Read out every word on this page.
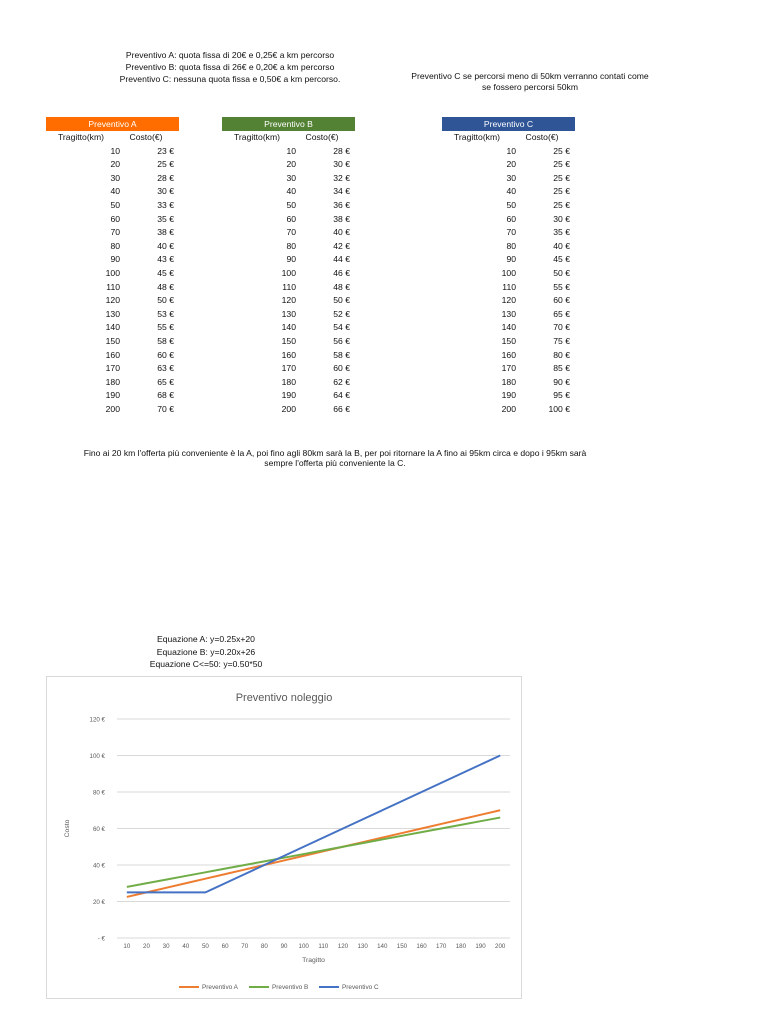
Preventivo A: quota fissa di 20€ e 0,25€ a km percorso
Preventivo B: quota fissa di 26€ e 0,20€ a km percorso
Preventivo C: nessuna quota fissa e 0,50€ a km percorso.	Preventivo C se percorsi meno di 50km verranno contati come
se fossero percorsi 50km
Preventivo A
Tragitto(km)	Costo(€)
10	23 €
20	25 €
30	28 €
40	30 €
50	33 €
60	35 €
70	38 €
80	40 €
90	43 €
100	45 €
110	48 €
120	50 €
130	53 €
140	55 €
150	58 €
160	60 €
170	63 €
180	65 €
190	68 €
200	70 €
Preventivo B
Tragitto(km)	Costo(€)
10	28 €
20	30 €
30	32 €
40	34 €
50	36 €
60	38 €
70	40 €
80	42 €
90	44 €
100	46 €
110	48 €
120	50 €
130	52 €
140	54 €
150	56 €
160	58 €
170	60 €
180	62 €
190	64 €
200	66 €
Preventivo C
Tragitto(km)	Costo(€)
10	25 €
20	25 €
30	25 €
40	25 €
50	25 €
60	30 €
70	35 €
80	40 €
90	45 €
100	50 €
110	55 €
120	60 €
130	65 €
140	70 €
150	75 €
160	80 €
170	85 €
180	90 €
190	95 €
200	100 €
Fino ai 20 km l'offerta più conveniente è la A, poi fino agli 80km sarà la B, per poi ritornare la A fino ai 95km circa e dopo i 95km sarà
sempre l'offerta più conveniente la C.
Equazione A: y=0.25x+20
Equazione B: y=0.20x+26
Equazione C<=50: y=0.50*50
Preventivo noleggio
- €
20 €
40 €
60 €
80 €
100 €
120 €
10 20 30 40 50 60 70 80 90 100 110 120 130 140 150 160 170 180 190 200
Tragitto
Costo
Preventivo A	Preventivo B	Preventivo C
